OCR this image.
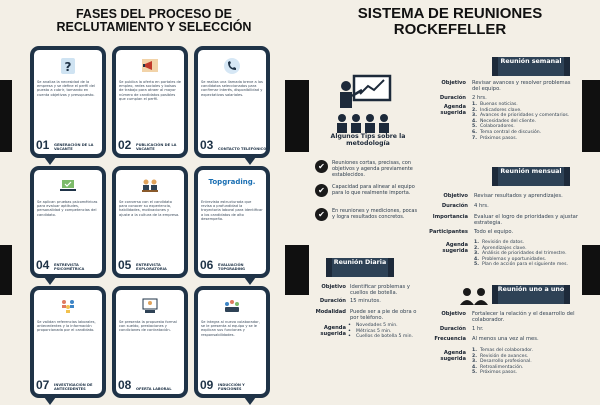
FASES DEL PROCESO DE RECLUTAMIENTO Y SELECCIÓN
SISTEMA DE REUNIONES ROCKEFELLER
?
Se analiza la necesidad de la empresa y se define el perfil del puesto a cubrir, tomando en cuenta objetivos y presupuesto.
01 GENERACIÓN DE LA VACANTE
Se publica la oferta en portales de empleo, redes sociales y bolsas de trabajo para atraer al mayor número de candidatos posibles que cumplan el perfil.
02 PUBLICACIÓN DE LA VACANTE
Se realiza una llamada breve a los candidatos seleccionados para confirmar interés, disponibilidad y expectativas salariales.
03 CONTACTO TELEFÓNICO
Se aplican pruebas psicométricas para evaluar aptitudes, personalidad y competencias del candidato.
04 ENTREVISTA PSICOMÉTRICA
Se conversa con el candidato para conocer su experiencia, habilidades, motivaciones y ajuste a la cultura de la empresa.
05 ENTREVISTA EXPLORATORIA
Topgrading.
Entrevista estructurada que revisa a profundidad la trayectoria laboral para identificar a los candidatos de alto desempeño.
06 EVALUACIÓN TOPGRADING
Se validan referencias laborales, antecedentes y la información proporcionada por el candidato.
07 INVESTIGACIÓN DE ANTECEDENTES
Se presenta la propuesta formal con sueldo, prestaciones y condiciones de contratación.
08 OFERTA LABORAL
Se integra al nuevo colaborador, se le presenta al equipo y se le explican sus funciones y responsabilidades.
09 INDUCCIÓN Y FUNCIONES
Algunos Tips sobre la metodología
✔	Reuniones cortas, precisas, con objetivos y agenda previamente establecidos.
✔	Capacidad para alinear al equipo para lo que realmente importa.
✔	En reuniones y mediciones, pocas y logra resultados concretos.
Reunión semanal
Objetivo Revisar avances y resolver problemas del equipo.
Duración 2 hrs.
Agenda sugerida
1. Buenas noticias.
2. Indicadores clave.
3. Avances de prioridades y comentarios.
4. Necesidades del cliente.
5. Colaboradores.
6. Tema central de discusión.
7. Próximos pasos.
Reunión mensual
Objetivo Revisar resultados y aprendizajes.
Duración 4 hrs.
Importancia Evaluar el logro de prioridades y ajustar estrategia.
Participantes Todo el equipo.
Agenda sugerida
1. Revisión de datos.
2. Aprendizajes clave.
3. Análisis de prioridades del trimestre.
4. Problemas y oportunidades.
5. Plan de acción para el siguiente mes.
Reunión Diaria
Objetivo Identificar problemas y cuellos de botella.
Duración 15 minutos.
Modalidad Puede ser a pie de obra o por teléfono.
Agenda sugerida
• Novedades 5 min.
• Métricas 5 min.
• Cuellos de botella 5 min.
Reunión uno a uno
Objetivo Fortalecer la relación y el desarrollo del colaborador.
Duración 1 hr.
Frecuencia Al menos una vez al mes.
Agenda sugerida
1. Temas del colaborador.
2. Revisión de avances.
3. Desarrollo profesional.
4. Retroalimentación.
5. Próximos pasos.
